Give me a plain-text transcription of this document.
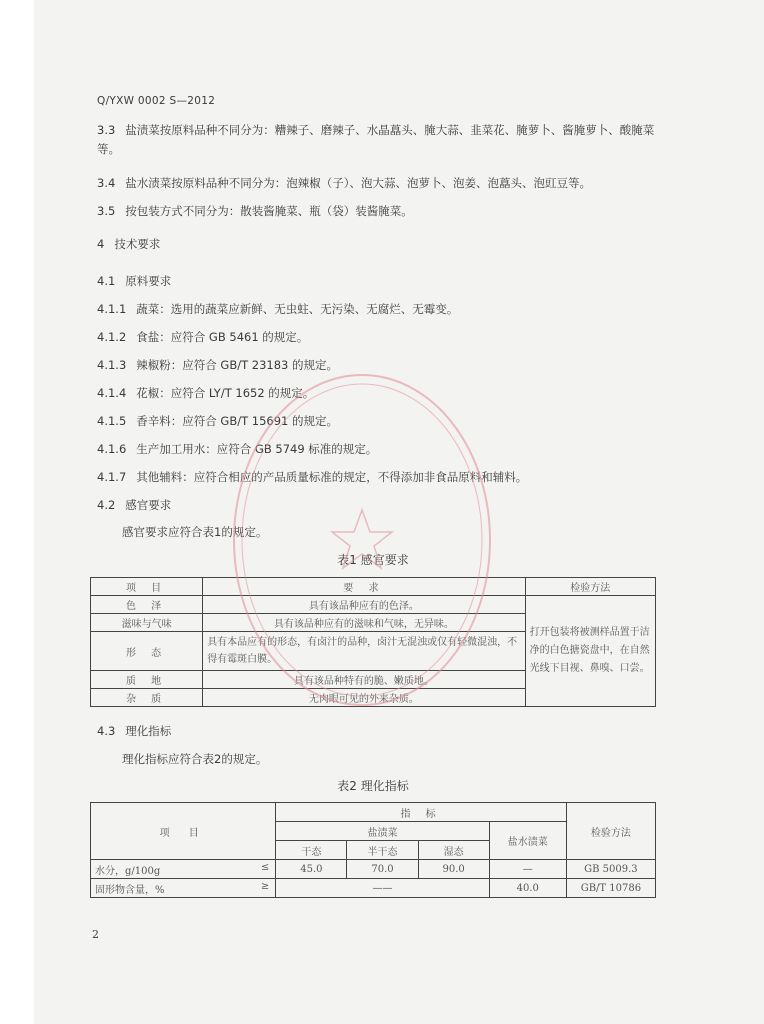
Q/YXW 0002 S—2012
3.3 盐渍菜按原料品种不同分为：糟辣子、磨辣子、水晶藠头、腌大蒜、韭菜花、腌萝卜、酱腌萝卜、酸腌菜等。
3.4 盐水渍菜按原料品种不同分为：泡辣椒（子）、泡大蒜、泡萝卜、泡姜、泡藠头、泡豇豆等。
3.5 按包装方式不同分为：散装酱腌菜、瓶（袋）装酱腌菜。
4 技术要求
4.1 原料要求
4.1.1 蔬菜：选用的蔬菜应新鲜、无虫蛀、无污染、无腐烂、无霉变。
4.1.2 食盐：应符合 GB 5461 的规定。
4.1.3 辣椒粉：应符合 GB/T 23183 的规定。
4.1.4 花椒：应符合 LY/T 1652 的规定。
4.1.5 香辛料：应符合 GB/T 15691 的规定。
4.1.6 生产加工用水：应符合 GB 5749 标准的规定。
4.1.7 其他辅料：应符合相应的产品质量标准的规定，不得添加非食品原料和辅料。
4.2 感官要求
感官要求应符合表1的规定。
表1 感官要求
项 目	要 求	检验方法
色 泽	具有该品种应有的色泽。	打开包装将被测样品置于洁净的白色搪瓷盘中，在自然光线下目视、鼻嗅、口尝。
滋味与气味	具有该品种应有的滋味和气味，无异味。	
形 态	具有本品应有的形态，有卤汁的品种，卤汁无混浊或仅有轻微混浊，不得有霉斑白膜。	
质 地	具有该品种特有的脆、嫩质地。	
杂 质	无肉眼可见的外来杂质。	
4.3 理化指标
理化指标应符合表2的规定。
表2 理化指标
项 目	指 标				检验方法
	盐渍菜			盐水渍菜	
	干态	半干态	湿态		
水分，g/100g ≤	45.0	70.0	90.0	—	GB 5009.3
固形物含量，% ≥	——			40.0	GB/T 10786
2
